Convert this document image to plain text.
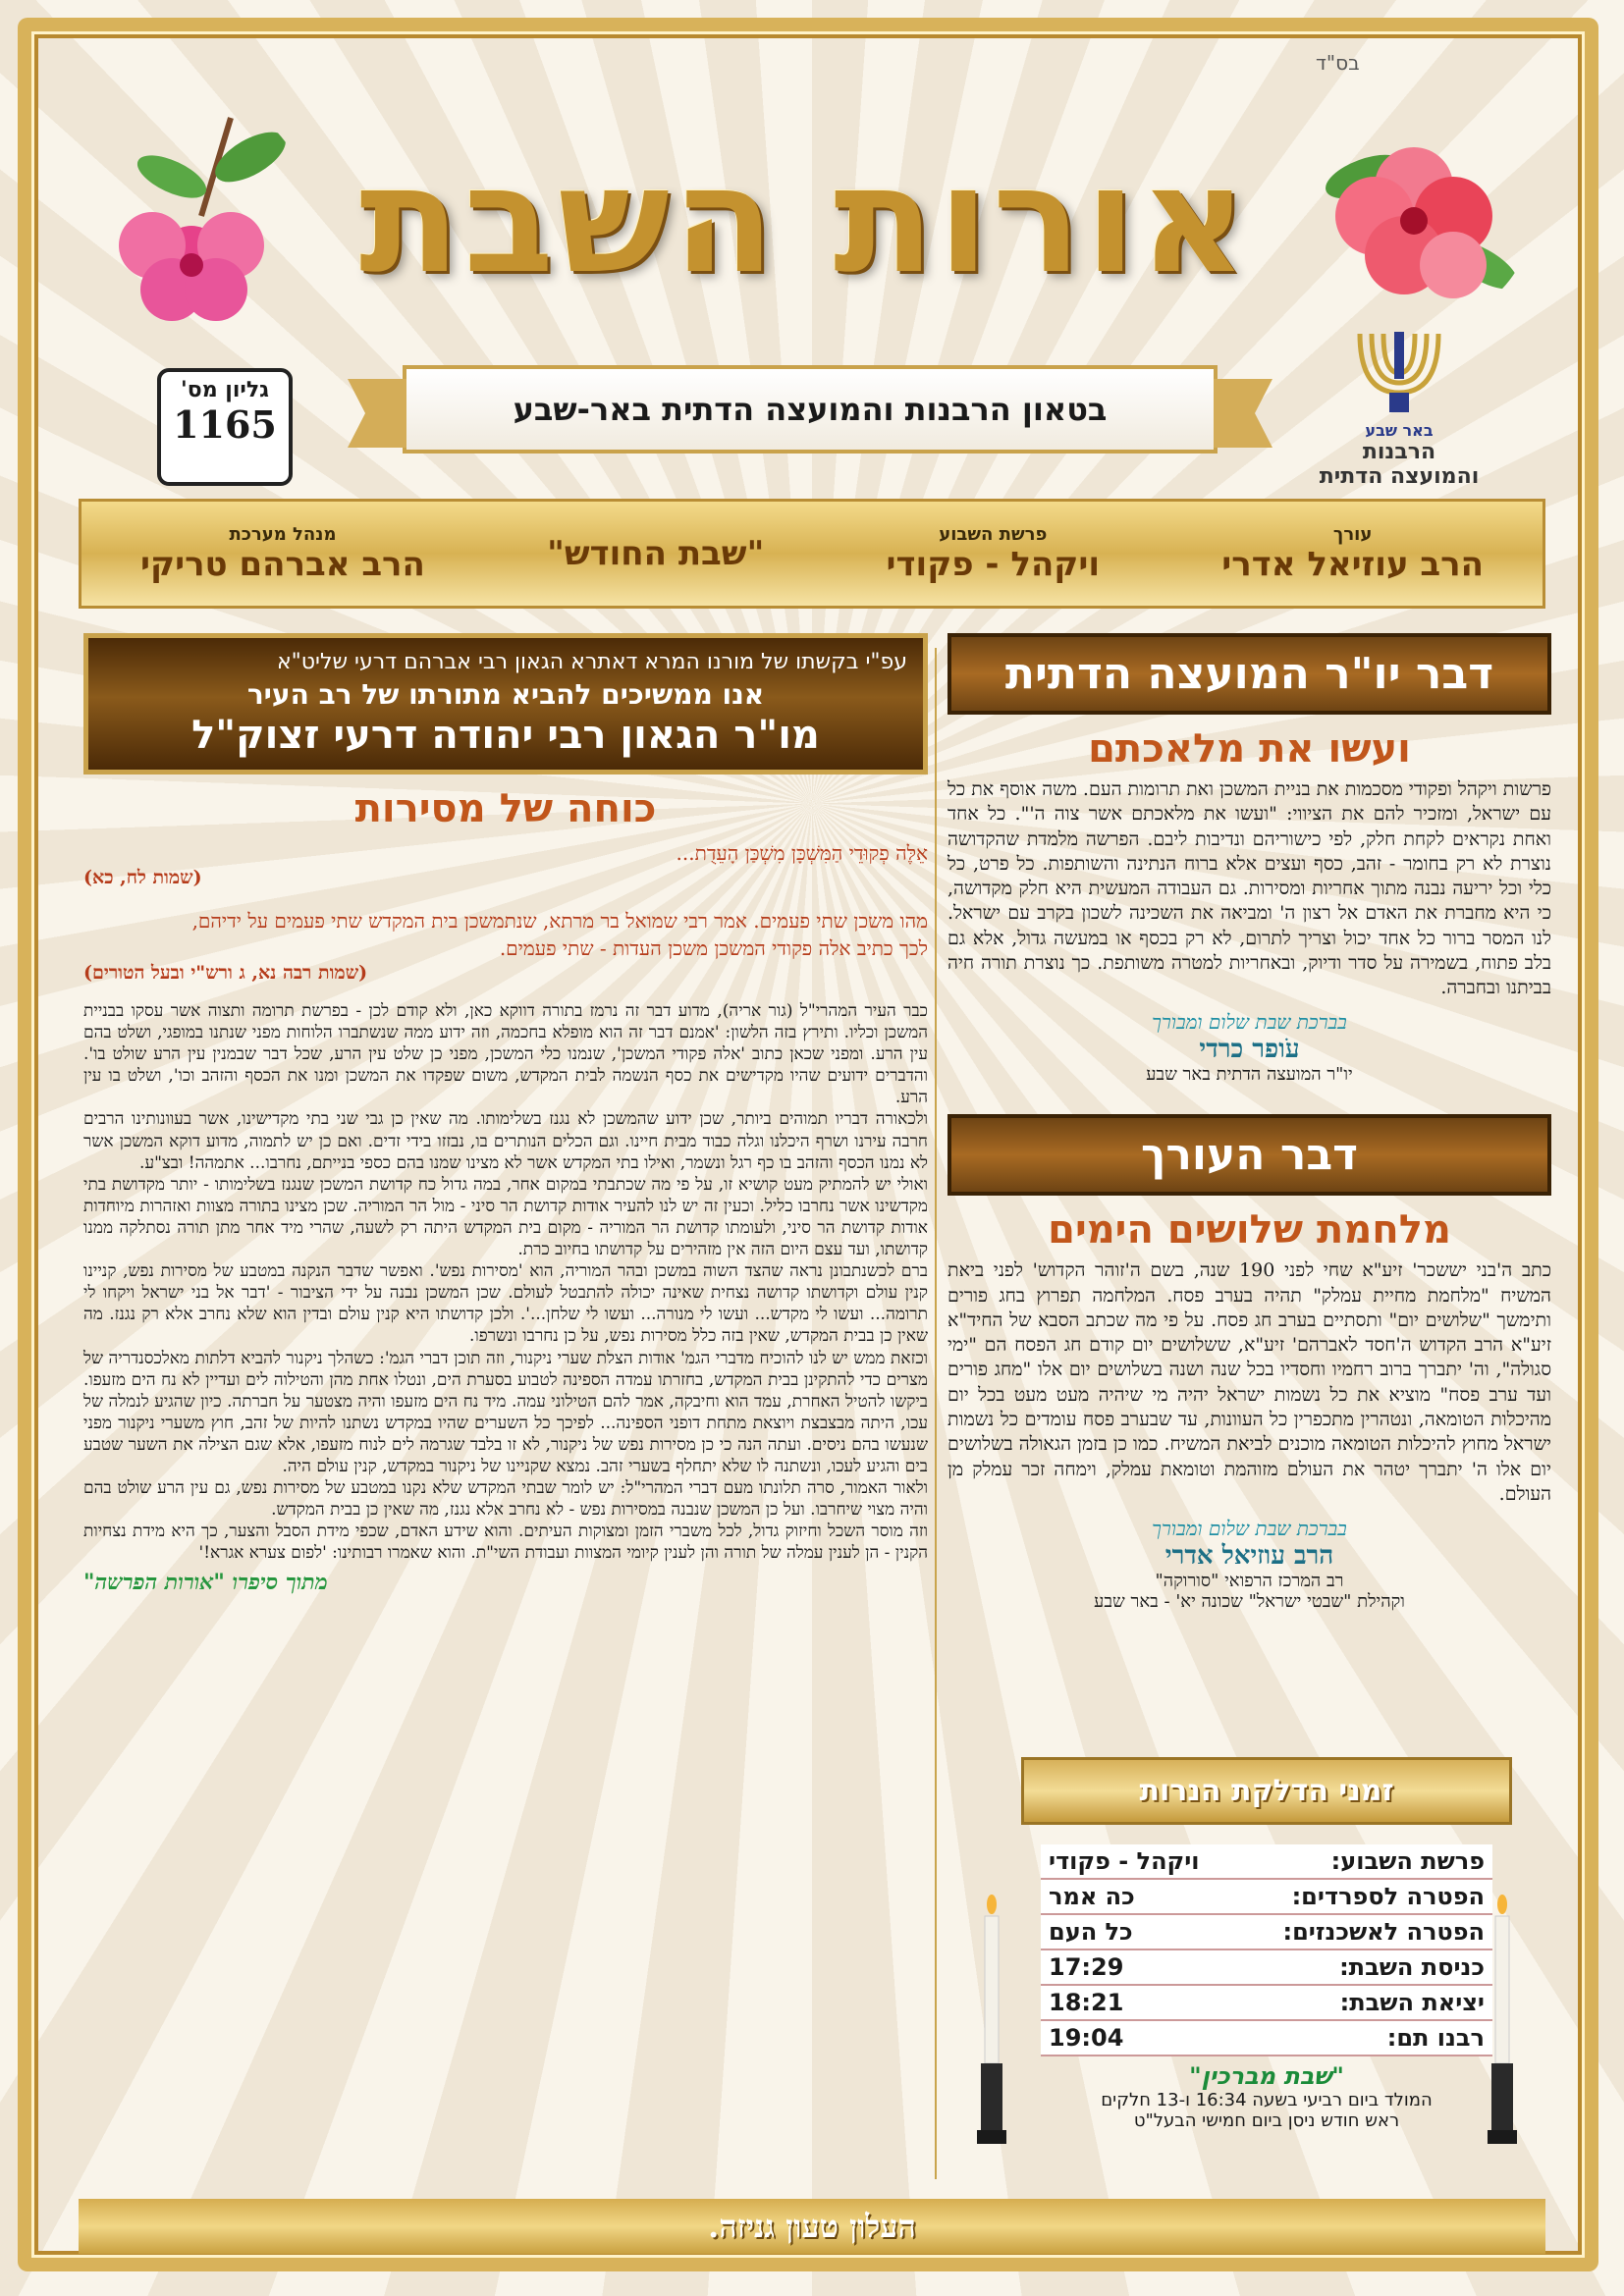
בס"ד
אורות השבת
גליון מס'
1165	בטאון הרבנות והמועצה הדתית באר-שבע
באר שבע
הרבנות
והמועצה הדתית
עורך
הרב עוזיאל אדרי
פרשת השבוע
ויקהל - פקודי
"שבת החודש"
מנהל מערכת
הרב אברהם טריקי
דבר יו"ר המועצה הדתית
ועשו את מלאכתם
פרשות ויקהל ופקודי מסכמות את בניית המשכן ואת תרומות העם. משה אוסף את כל עם ישראל, ומזכיר להם את הציווי: "ועשו את מלאכתם אשר צוה ה'". כל אחד ואחת נקראים לקחת חלק, לפי כישוריהם ונדיבות ליבם. הפרשה מלמדת שהקדושה נוצרת לא רק בחומר - זהב, כסף ועצים אלא ברוח הנתינה והשותפות. כל פרט, כל כלי וכל יריעה נבנה מתוך אחריות ומסירות. גם העבודה המעשית היא חלק מקדושה, כי היא מחברת את האדם אל רצון ה' ומביאה את השכינה לשכון בקרב עם ישראל. לנו המסר ברור כל אחד יכול וצריך לתרום, לא רק בכסף או במעשה גדול, אלא גם בלב פתוח, בשמירה על סדר ודיוק, ובאחריות למטרה משותפת. כך נוצרת תורה חיה בביתנו ובחברה.
בברכת שבת שלום ומבורך
עֹופר כרדי
יו"ר המועצה הדתית באר שבע
דבר העורך
מלחמת שלושים הימים
כתב ה'בני יששכר' זיע"א שחי לפני 190 שנה, בשם ה'זוהר הקדוש' לפני ביאת המשיח "מלחמת מחיית עמלק" תהיה בערב פסח. המלחמה תפרוץ בחג פורים ותימשך "שלושים יום" ותסתיים בערב חג פסח. על פי מה שכתב הסבא של החיד"א זיע"א הרב הקדוש ה'חסד לאברהם' זיע"א, ששלושים יום קודם חג הפסח הם "ימי סגולה", וה' יתברך ברוב רחמיו וחסדיו בכל שנה ושנה בשלושים יום אלו "מחג פורים ועד ערב פסח" מוציא את כל נשמות ישראל יהיה מי שיהיה מעט מעט בכל יום מהיכלות הטומאה, ונטהרין מתכפרין כל העוונות, עד שבערב פסח עומדים כל נשמות ישראל מחוץ להיכלות הטומאה מוכנים לביאת המשיח. כמו כן בזמן הגאולה בשלושים יום אלו ה' יתברך יטהר את העולם מזוהמת וטומאת עמלק, וימחה זכר עמלק מן העולם.
בברכת שבת שלום ומבורך
הרב עוזיאל אדרי
רב המרכז הרפואי "סורוקה"
וקהילת "שבטי ישראל" שכונה יא' - באר שבע
זמני הדלקת הנרות
פרשת השבוע:	ויקהל - פקודי
הפטרה לספרדים:	כה אמר
הפטרה לאשכנזים:	כל העם
כניסת השבת:	17:29
יציאת השבת:	18:21
רבנו תם:	19:04
"שבת מברכין"
המולד ביום רביעי בשעה 16:34 ו-13 חלקים
ראש חודש ניסן ביום חמישי הבעל"ט
עפ"י בקשתו של מורנו המרא דאתרא הגאון רבי אברהם דרעי שליט"א
אנו ממשיכים להביא מתורתו של רב העיר
מו"ר הגאון רבי יהודה דרעי זצוק"ל
כוחה של מסירות
אֵלֶּה פְקוּדֵי הַמִּשְׁכָּן מִשְׁכַּן הָעֵדֻת...
(שמות לח, כא)
מהו משכן שתי פעמים. אמר רבי שמואל בר מרתא, שנתמשכן בית המקדש שתי פעמים על ידיהם,
לכך כתיב אלה פקודי המשכן משכן העדות - שתי פעמים.
(שמות רבה נא, ג ורש"י ובעל הטורים)
כבר העיר המהרי"ל (גור אריה), מדוע דבר זה נרמז בתורה דווקא כאן, ולא קודם לכן - בפרשת תרומה ותצוה אשר עסקו בבניית המשכן וכליו. ותירץ בזה הלשון: 'אמנם דבר זה הוא מופלא בחכמה, וזה ידוע ממה שנשתברו הלוחות מפני שנתנו במופגי, ושלט בהם עין הרע. ומפני שכאן כתוב 'אלה פקודי המשכן', שנמנו כלי המשכן, מפני כן שלט עין הרע, שכל דבר שבמנין עין הרע שולט בו'. והדברים ידועים שהיו מקדישים את כסף הנשמה לבית המקדש, משום שפקדו את המשכן ומנו את הכסף והזהב וכו', ושלט בו עין הרע.
ולכאורה דבריו תמוהים ביותר, שכן ידוע שהמשכן לא נגנז בשלימותו. מה שאין כן גבי שני בתי מקדישינו, אשר בעוונותינו הרבים חרבה עירנו ושרף היכלנו וגלה כבוד מבית חיינו. וגם הכלים הנותרים בו, נבזזו בידי זדים. ואם כן יש לתמוה, מדוע דוקא המשכן אשר לא נמנו הכסף והזהב בו כף רגל ונשמר, ואילו בתי המקדש אשר לא מצינו שמנו בהם כספי בנייתם, נחרבו... אתמהה! ובצ"ע.
ואולי יש להמתיק מעט קושיא זו, על פי מה שכתבתי במקום אחר, במה גדול כח קדושת המשכן שנגנז בשלימותו - יותר מקדושת בתי מקדשינו אשר נחרבו כליל. וכעין זה יש לנו להעיר אודות קדושת הר סיני - מול הר המוריה. שכן מצינו בתורה מצוות ואזהרות מיוחדות אודות קדושת הר סיני, ולעומתו קדושת הר המוריה - מקום בית המקדש היתה רק לשעה, שהרי מיד אחר מתן תורה נסתלקה ממנו קדושתו, ועד עצם היום הזה אין מזהירים על קדושתו בחיוב כרת.
ברם לכשנתבונן נראה שהצד השוה במשכן ובהר המוריה, הוא 'מסירות נפש'. ואפשר שדבר הנקנה במטבע של מסירות נפש, קניינו קנין עולם וקדושתו קדושה נצחית שאינה יכולה להתבטל לעולם. שכן המשכן נבנה על ידי הציבור - 'דבר אל בני ישראל ויקחו לי תרומה... ועשו לי מקדש... ועשו לי מנורה... ועשו לי שלחן...'. ולכן קדושתו היא קנין עולם ובדין הוא שלא נחרב אלא רק נגנז. מה שאין כן בבית המקדש, שאין בזה כלל מסירות נפש, על כן נחרבו ונשרפו.
וכזאת ממש יש לנו להוכיח מדברי הגמ' אודות הצלת שערי ניקנור, וזה תוכן דברי הגמ': כשהלך ניקנור להביא דלתות מאלכסנדריה של מצרים כדי להתקינן בבית המקדש, בחזרתו עמדה הספינה לטבוע בסערת הים, ונטלו אחת מהן והטילוה לים ועדיין לא נח הים מזעפו. ביקשו להטיל האחרת, עמד הוא וחיבקה, אמר להם הטילוני עמה. מיד נח הים מזעפו והיה מצטער על חברתה. כיון שהגיע לנמלה של עכו, היתה מבצבצת ויוצאת מתחת דופני הספינה... לפיכך כל השערים שהיו במקדש נשתנו להיות של זהב, חוץ משערי ניקנור מפני שנעשו בהם ניסים. ועתה הנה כי כן מסירות נפש של ניקנור, לא זו בלבד שגרמה לים לנוח מזעפו, אלא שגם הצילה את השער שטבע בים והגיע לעכו, ונשתנה לו שלא יתחלף בשערי זהב. נמצא שקניינו של ניקנור במקדש, קנין עולם היה.
ולאור האמור, סרה תלונתו מעם דברי המהרי"ל: יש לומר שבתי המקדש שלא נקנו במטבע של מסירות נפש, גם עין הרע שולט בהם והיה מצוי שיחרבו. ועל כן המשכן שנבנה במסירות נפש - לא נחרב אלא נגנז, מה שאין כן בבית המקדש.
וזה מוסר השכל וחיזוק גדול, לכל משברי הזמן ומצוקות העיתים. והוא שידע האדם, שכפי מידת הסבל והצער, כך היא מידת נצחיות הקנין - הן לענין עמלה של תורה והן לענין קיומי המצוות ועבודת השי"ת. והוא שאמרו רבותינו: 'לפום צערא אגרא!'
מתוך סיפרו "אורות הפרשה"
העלון טעון גניזה.
